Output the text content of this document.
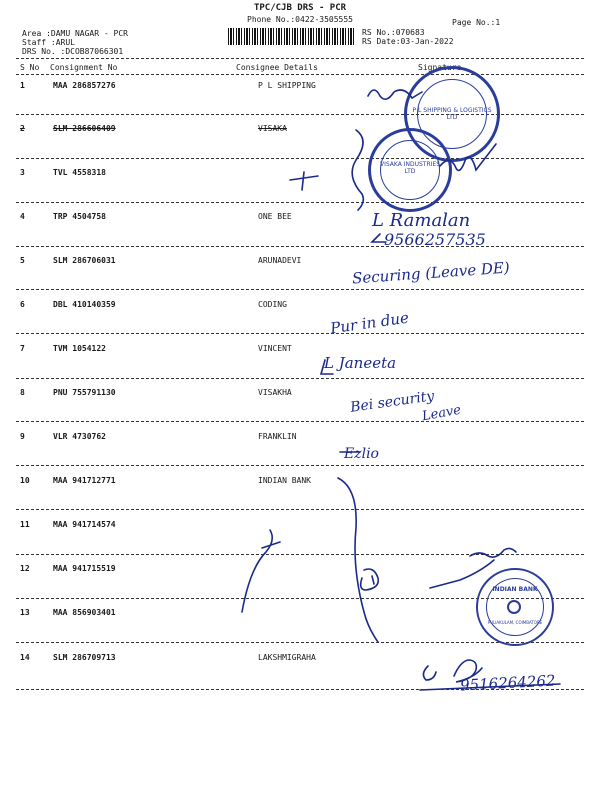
TPC/CJB DRS - PCR
Phone No.:0422-3505555
Area :DAMU NAGAR - PCR
Staff :ARUL
DRS No. :DCOB87066301
RS No.:070683
RS Date:03-Jan-2022
Page No.:1
S No Consignment No	Consignee Details	Signature
1	MAA 286857276	P L SHIPPING
2	SLM 286606409	VISAKA
3	TVL 4558318
4	TRP 4504758	ONE BEE
5	SLM 286706031	ARUNADEVI
6	DBL 410140359	CODING
7	TVM 1054122	VINCENT
8	PNU 755791130	VISAKHA
9	VLR 4730762	FRANKLIN
10	MAA 941712771	INDIAN BANK
11	MAA 941714574
12	MAA 941715519
13	MAA 856903401
14	SLM 286709713	LAKSHMIGRAHA
P L SHIPPING & LOGISTICS LTD
VISAKA INDUSTRIES LTD
INDIAN BANK
PULIAKULAM, COIMBATORE
L Ramalan
9566257535
Securing (Leave DE)
Pur in due
L Janeeta
Bei security
Leave
Ezlio
9516264262
